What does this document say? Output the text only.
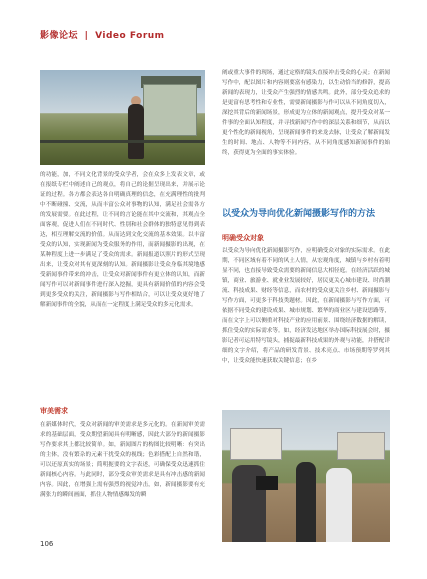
影像论坛 | Video Forum

阐或重大事件的现场，通过定格的镜头直接冲击受众的心灵；在新闻写作中，配以图片和内容则要富有感染力，以生动恰当的修辞，提高新闻的表现力，让受众产生强烈的情感共鸣。此外，部分受众追求的是更富有思考性和专业性，需要新闻摄影与作可以从不同角度切入，深挖其背后的新闻场景，形成更为立体的新闻观点，提升受众对某一件事的全面认知程度，并寻找新闻写作中的深层关系和细节，从而以更个性化的新闻视角，呈现新闻事件的来龙去脉，让受众了解新闻发生的时间、地点、人物等不同内容，从不同角度感知新闻事件的始终，获得更为全面的事实体验。

的功能，加，不同文化背景的受众学者，会在众多上发表文章，或在报纸专栏中阐述自己的观点，将自己的论据呈现出来，并展示论证的过程。各方都会表达各自明确真理的信念，在充满理性的批判中不断碰撞、交流，从而丰富公众对事物的认知，满足社会需各方的发展需要。在此过程，让不同的言论能在其中交流和，其观点全面客观，促进人们在不同时代、性别和社会群体的独特意见得到表达，相互理解交流的价值。从而达到文化交流的基本效果。以丰富受众的认知，实现新闻为受众服务的作用，而新闻摄影的出现，在某种程度上进一步满足了受众的需求。新闻报道以照片的形式呈现出来，让受众对其有更深刻的认知。新闻摄影让受众身临其境地感受新闻事件带来的冲击，让受众对新闻事件有更立体的认知，而新闻写作可以对新闻事件进行深入挖掘，更具有新闻价值的内容会受到更多受众的关注，新闻摄影与写作相结合，可以让受众更好地了解新闻事件的全貌，从而在一定程度上满足受众的多元化需求。

以受众为导向优化新闻摄影写作的方法
明确受众对象

以受众为导向优化新闻摄影写作，应明确受众对象的实际需求。在此期，不同区域有着不同的风土人情，从宏观角度，城镇与乡村有着明显不同，也直接导致受众需要的新闻信息大相径庭。在经济活跃的城镇，商业、旅游业、就业业发展较好，居民更关心城市建设、时尚潮流、科技成果、财经等信息，而农村的受众更关注乡村、新闻摄影与写作方面，可更多于科技类题材。因此，在新闻摄影与写作方面，可依据不同受众的建设成果、城市规划、繁华的商业区与建设思路等，而在文字上可以侧重对科技产业的应用前景、围绕经济数据的解读，抓住受众的实际需求等。如，经济发达地区举办国际科技展会时，摄影记者可运用特写镜头，捕捉最新科技成果的外观与功能，并搭配详细的文字介绍，将产品的研发背景、技术亮点、市场预期等罗列其中，让受众能快速获取关键信息；在乡

审美需求

在新媒体时代，受众对新闻的审美需求是多元化的。在新闻审美需求的基础层面，受众期望新闻具有明晰感，因此大部分的新闻摄影写作要求其上都比较简单。如，新闻图片的构图比较明晰：有突出的主体，没有繁杂的元素干扰受众的视线；色彩搭配上自然和谐，可以还原真实的场景；简明扼要的文字表述，可确保受众迅速抓住新闻核心内容。与此同时，部分受众审美需求是具有冲击感的新闻内容。因此，在增强上需有强烈的视觉冲击，如，新闻摄影要有充满张力的瞬间画面，抓住人物情感爆发的瞬

106
